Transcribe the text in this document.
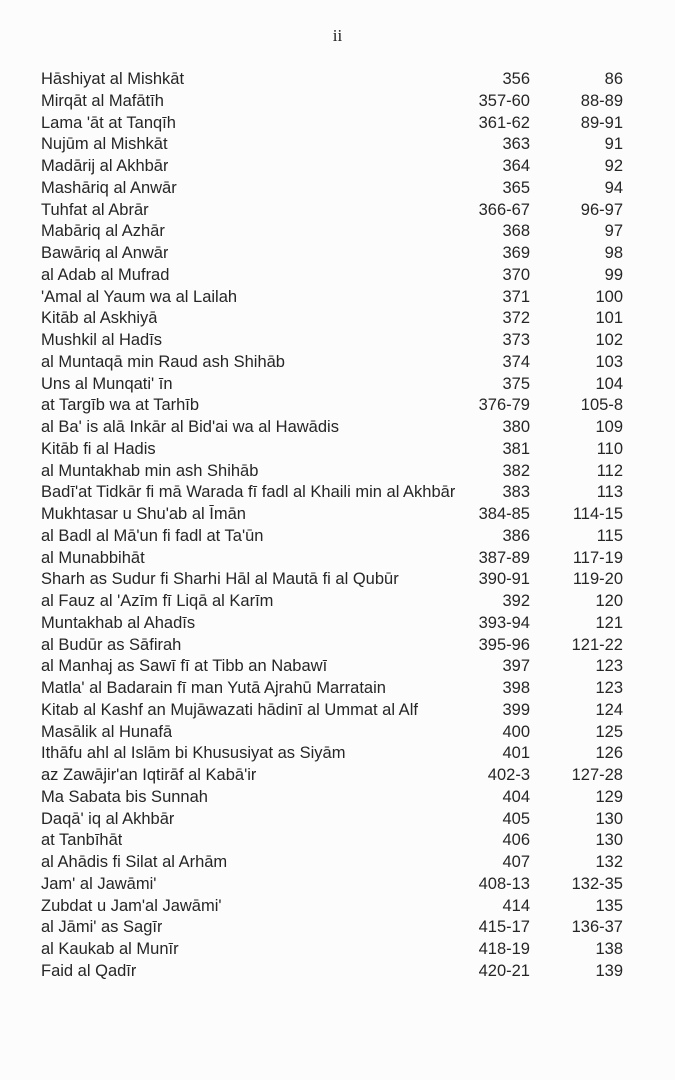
ii
Hāshiyat al Mishkāt	356	86
Mirqāt al Mafātīh	357-60	88-89
Lama 'āt at Tanqīh	361-62	89-91
Nujūm al Mishkāt	363	91
Madārij al Akhbār	364	92
Mashāriq al Anwār	365	94
Tuhfat al Abrār	366-67	96-97
Mabāriq al Azhār	368	97
Bawāriq al Anwār	369	98
al Adab al Mufrad	370	99
'Amal al Yaum wa al Lailah	371	100
Kitāb al Askhiyā	372	101
Mushkil al Hadīs	373	102
al Muntaqā min Raud ash Shihāb	374	103
Uns al Munqati' īn	375	104
at Targīb wa at Tarhīb	376-79	105-8
al Ba' is alā Inkār al Bid'ai wa al Hawādis	380	109
Kitāb fi al Hadis	381	110
al Muntakhab min ash Shihāb	382	112
Badī'at Tidkār fi mā Warada fī fadl al Khaili min al Akhbār	383	113
Mukhtasar u Shu'ab al Īmān	384-85	114-15
al Badl al Mā'un fi fadl at Ta'ūn	386	115
al Munabbihāt	387-89	117-19
Sharh as Sudur fi Sharhi Hāl al Mautā fi al Qubūr	390-91	119-20
al Fauz al 'Azīm fī Liqā al Karīm	392	120
Muntakhab al Ahadīs	393-94	121
al Budūr as Sāfirah	395-96	121-22
al Manhaj as Sawī fī at Tibb an Nabawī	397	123
Matla' al Badarain fī man Yutā Ajrahū Marratain	398	123
Kitab al Kashf an Mujāwazati hādinī al Ummat al Alf	399	124
Masālik al Hunafā	400	125
Ithāfu ahl al Islām bi Khususiyat as Siyām	401	126
az Zawājir'an Iqtirāf al Kabā'ir	402-3	127-28
Ma Sabata bis Sunnah	404	129
Daqā' iq al Akhbār	405	130
at Tanbīhāt	406	130
al Ahādis fi Silat al Arhām	407	132
Jam' al Jawāmi'	408-13	132-35
Zubdat u Jam'al Jawāmi'	414	135
al Jāmi' as Sagīr	415-17	136-37
al Kaukab al Munīr	418-19	138
Faid al Qadīr	420-21	139
